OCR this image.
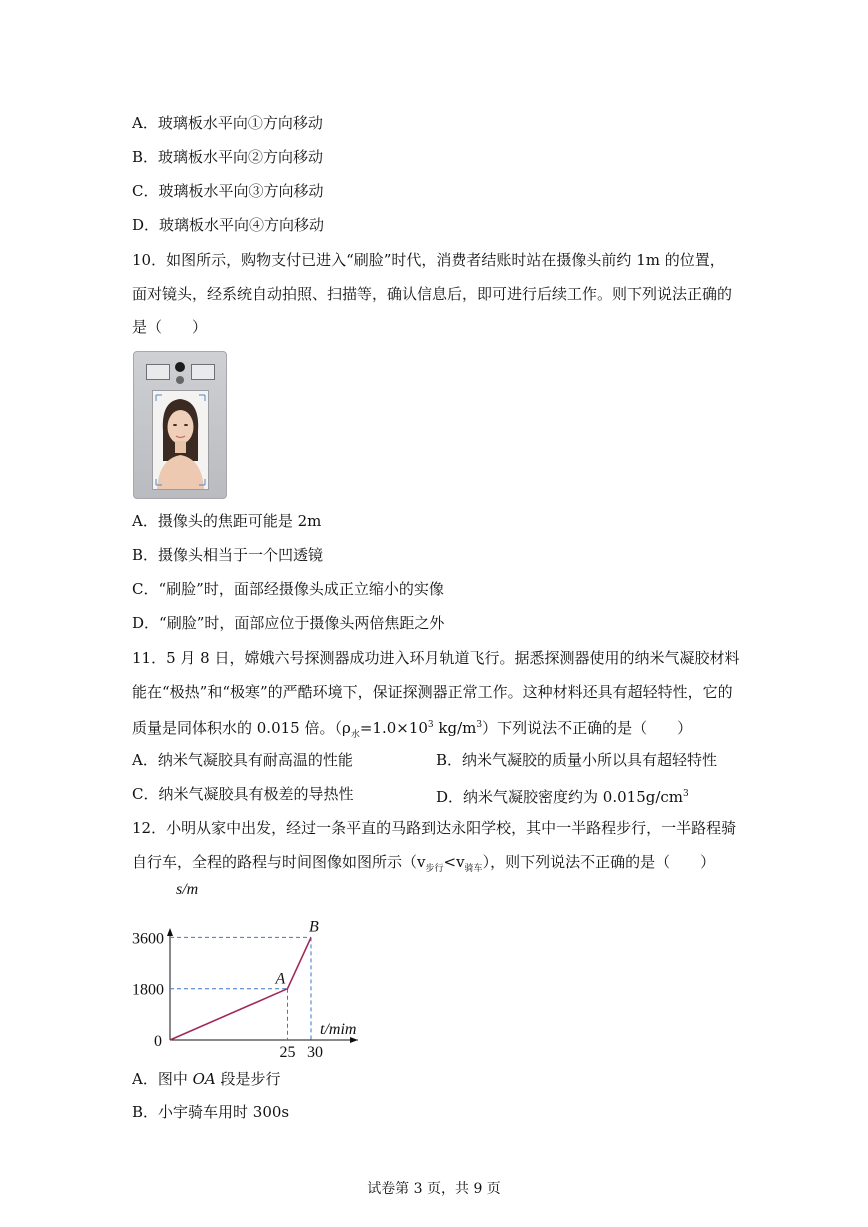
A．玻璃板水平向①方向移动
B．玻璃板水平向②方向移动
C．玻璃板水平向③方向移动
D．玻璃板水平向④方向移动
10．如图所示，购物支付已进入“刷脸”时代，消费者结账时站在摄像头前约 1m 的位置，
面对镜头，经系统自动拍照、扫描等，确认信息后，即可进行后续工作。则下列说法正确的
是（　　）
A．摄像头的焦距可能是 2m
B．摄像头相当于一个凹透镜
C．“刷脸”时，面部经摄像头成正立缩小的实像
D．“刷脸”时，面部应位于摄像头两倍焦距之外
11．5 月 8 日，嫦娥六号探测器成功进入环月轨道飞行。据悉探测器使用的纳米气凝胶材料
能在“极热”和“极寒”的严酷环境下，保证探测器正常工作。这种材料还具有超轻特性，它的
质量是同体积水的 0.015 倍。（$\rho_水=1.0\times 10^3$ $kg/m^3$）下列说法不正确的是（　　）
A．纳米气凝胶具有耐高温的性能	B．纳米气凝胶的质量小所以具有超轻特性
C．纳米气凝胶具有极差的导热性	D．纳米气凝胶密度约为 $0.015g/cm^3$
12．小明从家中出发，经过一条平直的马路到达永阳学校，其中一半路程步行，一半路程骑
自行车，全程的路程与时间图像如图所示$(v_{步行}<v_{骑车})$，则下列说法不正确的是（　　）
1800
3600
25 30
0
A
B
s/m
t/mim
A．图中 OA 段是步行
B．小宇骑车用时 300s
试卷第 3 页，共 9 页
